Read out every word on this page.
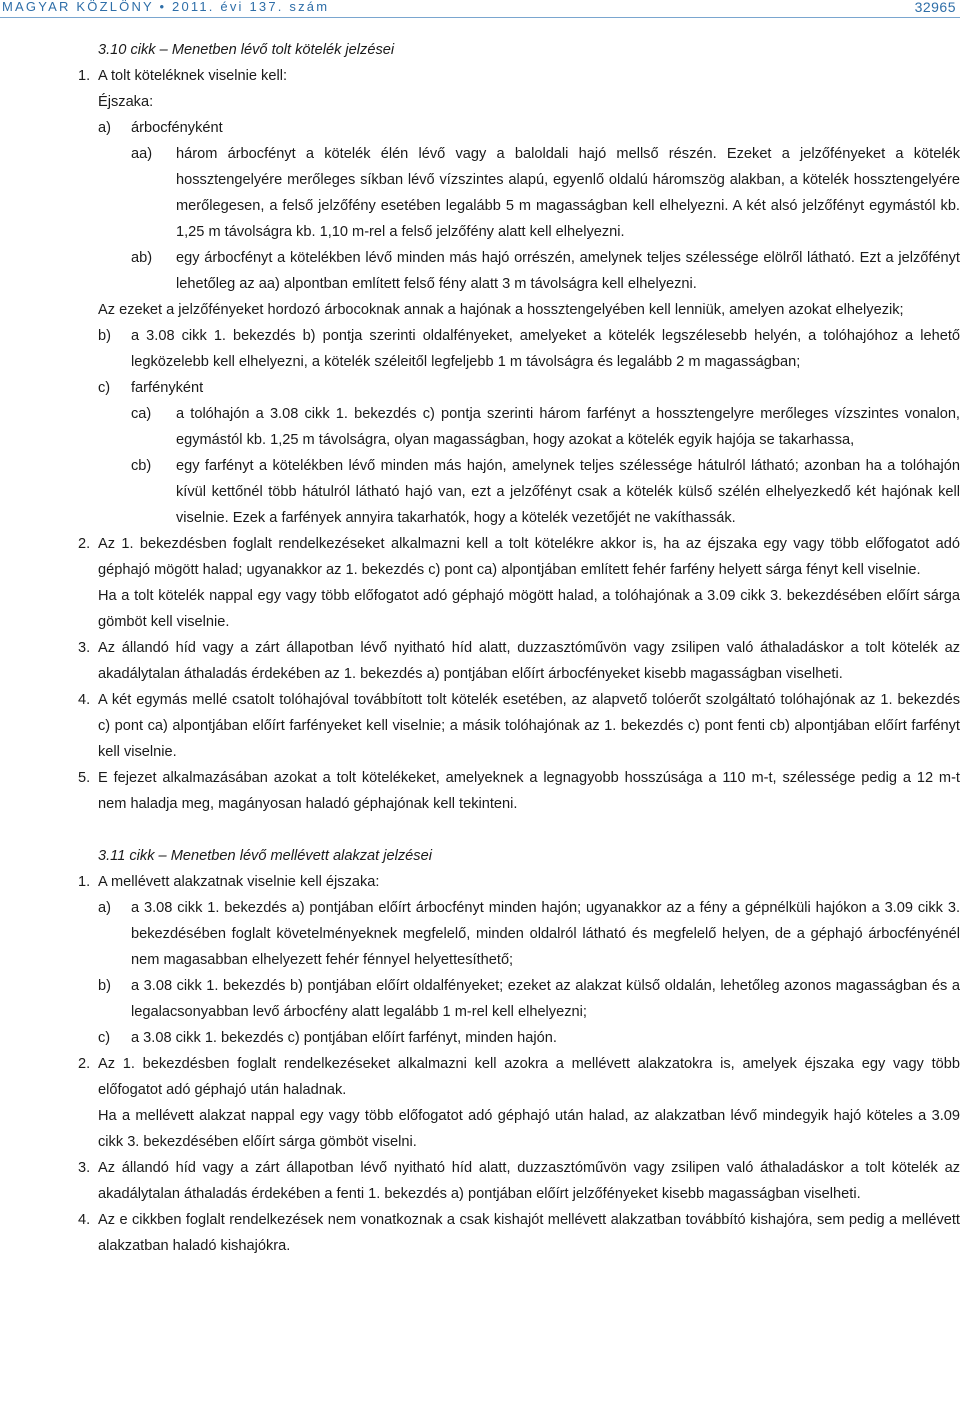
MAGYAR KÖZLÖNY • 2011. évi 137. szám	32965
3.10 cikk – Menetben lévő tolt kötelék jelzései
1. A tolt köteléknek viselnie kell:
Éjszaka:
a) árbocfényként
aa) három árbocfényt a kötelék élén lévő vagy a baloldali hajó mellső részén. Ezeket a jelzőfényeket a kötelék hossztengelyére merőleges síkban lévő vízszintes alapú, egyenlő oldalú háromszög alakban, a kötelék hossztengelyére merőlegesen, a felső jelzőfény esetében legalább 5 m magasságban kell elhelyezni. A két alsó jelzőfényt egymástól kb. 1,25 m távolságra kb. 1,10 m-rel a felső jelzőfény alatt kell elhelyezni.
ab) egy árbocfényt a kötelékben lévő minden más hajó orrészén, amelynek teljes szélessége elölről látható. Ezt a jelzőfényt lehetőleg az aa) alpontban említett felső fény alatt 3 m távolságra kell elhelyezni.
Az ezeket a jelzőfényeket hordozó árbocoknak annak a hajónak a hossztengelyében kell lenniük, amelyen azokat elhelyezik;
b) a 3.08 cikk 1. bekezdés b) pontja szerinti oldalfényeket, amelyeket a kötelék legszélesebb helyén, a tolóhajóhoz a lehető legközelebb kell elhelyezni, a kötelék széleitől legfeljebb 1 m távolságra és legalább 2 m magasságban;
c) farfényként
ca) a tolóhajón a 3.08 cikk 1. bekezdés c) pontja szerinti három farfényt a hossztengelyre merőleges vízszintes vonalon, egymástól kb. 1,25 m távolságra, olyan magasságban, hogy azokat a kötelék egyik hajója se takarhassa,
cb) egy farfényt a kötelékben lévő minden más hajón, amelynek teljes szélessége hátulról látható; azonban ha a tolóhajón kívül kettőnél több hátulról látható hajó van, ezt a jelzőfényt csak a kötelék külső szélén elhelyezkedő két hajónak kell viselnie. Ezek a farfények annyira takarhatók, hogy a kötelék vezetőjét ne vakíthassák.
2. Az 1. bekezdésben foglalt rendelkezéseket alkalmazni kell a tolt kötelékre akkor is, ha az éjszaka egy vagy több előfogatot adó géphajó mögött halad; ugyanakkor az 1. bekezdés c) pont ca) alpontjában említett fehér farfény helyett sárga fényt kell viselnie.
Ha a tolt kötelék nappal egy vagy több előfogatot adó géphajó mögött halad, a tolóhajónak a 3.09 cikk 3. bekezdésében előírt sárga gömböt kell viselnie.
3. Az állandó híd vagy a zárt állapotban lévő nyitható híd alatt, duzzasztóművön vagy zsilipen való áthaladáskor a tolt kötelék az akadálytalan áthaladás érdekében az 1. bekezdés a) pontjában előírt árbocfényeket kisebb magasságban viselheti.
4. A két egymás mellé csatolt tolóhajóval továbbított tolt kötelék esetében, az alapvető tolóerőt szolgáltató tolóhajónak az 1. bekezdés c) pont ca) alpontjában előírt farfényeket kell viselnie; a másik tolóhajónak az 1. bekezdés c) pont fenti cb) alpontjában előírt farfényt kell viselnie.
5. E fejezet alkalmazásában azokat a tolt kötelékeket, amelyeknek a legnagyobb hosszúsága a 110 m-t, szélessége pedig a 12 m-t nem haladja meg, magányosan haladó géphajónak kell tekinteni.
3.11 cikk – Menetben lévő mellévett alakzat jelzései
1. A mellévett alakzatnak viselnie kell éjszaka:
a) a 3.08 cikk 1. bekezdés a) pontjában előírt árbocfényt minden hajón; ugyanakkor az a fény a gépnélküli hajókon a 3.09 cikk 3. bekezdésében foglalt követelményeknek megfelelő, minden oldalról látható és megfelelő helyen, de a géphajó árbocfényénél nem magasabban elhelyezett fehér fénnyel helyettesíthető;
b) a 3.08 cikk 1. bekezdés b) pontjában előírt oldalfényeket; ezeket az alakzat külső oldalán, lehetőleg azonos magasságban és a legalacsonyabban levő árbocfény alatt legalább 1 m-rel kell elhelyezni;
c) a 3.08 cikk 1. bekezdés c) pontjában előírt farfényt, minden hajón.
2. Az 1. bekezdésben foglalt rendelkezéseket alkalmazni kell azokra a mellévett alakzatokra is, amelyek éjszaka egy vagy több előfogatot adó géphajó után haladnak.
Ha a mellévett alakzat nappal egy vagy több előfogatot adó géphajó után halad, az alakzatban lévő mindegyik hajó köteles a 3.09 cikk 3. bekezdésében előírt sárga gömböt viselni.
3. Az állandó híd vagy a zárt állapotban lévő nyitható híd alatt, duzzasztóművön vagy zsilipen való áthaladáskor a tolt kötelék az akadálytalan áthaladás érdekében a fenti 1. bekezdés a) pontjában előírt jelzőfényeket kisebb magasságban viselheti.
4. Az e cikkben foglalt rendelkezések nem vonatkoznak a csak kishajót mellévett alakzatban továbbító kishajóra, sem pedig a mellévett alakzatban haladó kishajókra.
